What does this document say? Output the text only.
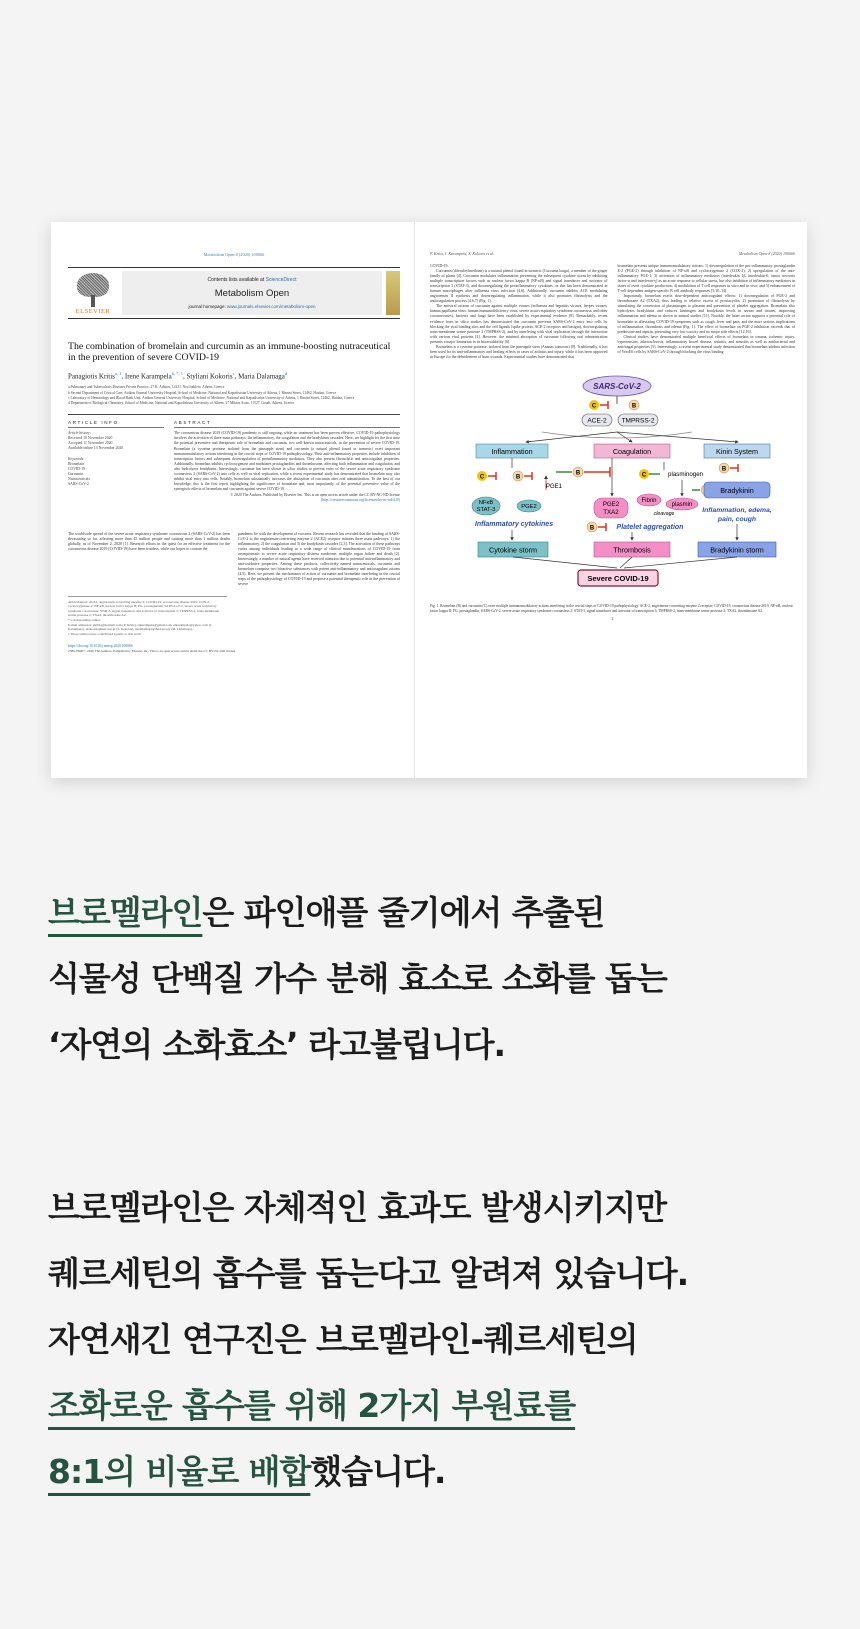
Metabolism Open 8 (2020) 100066
ELSEVIER
Contents lists available at ScienceDirect
Metabolism Open
journal homepage: www.journals.elsevier.com/metabolism-open
The combination of bromelain and curcumin as an immune-boosting nutraceutical in the prevention of severe COVID-19
Panagiotis Kritis$^{a, 1}$, Irene Karampela$^{b, *, 1}$, Styliani Kokoris$^c$, Maria Dalamaga$^d$
a Pulmonary and Tuberculosis Diseases Private Practice, 27 K. Athitou, 14121, Nea Irakleio, Athens, Greece
b Second Department of Critical Care, Attikon General University Hospital, School of Medicine, National and Kapodistrian University of Athens, 1 Rimini Street, 12462, Haidari, Greece
c Laboratory of Hematology and Blood Bank Unit, Attikon General University Hospital, School of Medicine, National and Kapodistrian University of Athens, 1 Rimini Street, 12462, Haidari, Greece
d Department of Biological Chemistry, School of Medicine, National and Kapodistrian University of Athens, 27 Mikras Asias, 11527, Goudi, Athens, Greece
ARTICLE INFO
Article history:
Received 10 November 2020
Accepted 11 November 2020
Available online 13 November 2020
Keywords:
Bromelain
COVID-19
Curcumin
Nutraceuticals
SARS-CoV-2
ABSTRACT
The coronavirus disease 2019 (COVID-19) pandemic is still ongoing, while no treatment has been proven effective. COVID-19 pathophysiology involves the activation of three main pathways: the inflammatory, the coagulation and the bradykinin cascades. Here, we highlight for the first time the potential preventive and therapeutic role of bromelain and curcumin, two well-known nutraceuticals, in the prevention of severe COVID-19. Bromelain (a cysteine protease isolated from the pineapple stem) and curcumin (a natural phenol found in turmeric) exert important immunomodulatory actions interfering in the crucial steps of COVID-19 pathophysiology. Their anti-inflammatory properties include inhibition of transcription factors and subsequent downregulation of proinflammatory mediators. They also present fibrinolytic and anticoagulant properties. Additionally, bromelain inhibits cyclooxygenase and modulates prostaglandins and thromboxane, affecting both inflammation and coagulation, and also hydrolyzes bradykinin. Interestingly, curcumin has been shown in silico studies to prevent entry of the severe acute respiratory syndrome coronavirus 2 (SARS-CoV-2) into cells as well as viral replication, while a recent experimental study has demonstrated that bromelain may also inhibit viral entry into cells. Notably, bromelain substantially increases the absorption of curcumin after oral administration. To the best of our knowledge, this is the first report highlighting the significance of bromelain and, most importantly, of the potential preventive value of the synergistic effects of bromelain and curcumin against severe COVID-19.
© 2020 The Authors. Published by Elsevier Inc. This is an open access article under the CC BY-NC-ND license (http://creativecommons.org/licenses/by-nc-nd/4.0/)

The worldwide spread of the severe acute respiratory syndrome coronavirus 2 (SARS-CoV-2) has been devastating so far, affecting more than 45 million people and causing more than 1 million deaths globally, as of November 2, 2020 [1]. Research efforts in the quest for an effective treatment for the coronavirus disease 2019 (COVID-19) have been fruitless, while our hopes to contain the

pandemic lie with the development of vaccines. Recent research has revealed that the binding of SARS-CoV-2 to the angiotensin-converting enzyme 2 (ACE2) receptor initiates three main pathways: 1) the inflammatory, 2) the coagulation and 3) the bradykinin cascades [2,3]. The activation of these pathways varies among individuals leading to a wide range of clinical manifestations of COVID-19 from asymptomatic to severe acute respiratory distress syndrome, multiple organ failure and death [2]. Interestingly, a number of natural agents have received attention due to potential anti-inflammatory and anti-oxidative properties. Among these products, collectively named nutraceuticals, curcumin and bromelain comprise two bioactive substances with potent anti-inflammatory and anticoagulant actions [4,5]. Here, we present the mechanisms of action of curcumin and bromelain interfering in the crucial steps of the pathophysiology of COVID-19 and propose a potential therapeutic role in the prevention of severe

Abbreviations: ACE2, angiotensin-converting enzyme 2; COVID-19, coronavirus disease 2019; COX-2, cyclooxygenase-2; NF-κB, nuclear factor kappa B; PG, prostaglandin; SARS-CoV-2, severe acute respiratory syndrome coronavirus; STAT-3, signal transducer and activator of transcription 3; TMPRSS-2, trans-membrane serine protease 2; TXA2, thromboxane A2.

* Corresponding author.

E-mail addresses: pkritis@hotmail.com (P. Kritis), eikarampela@gmail.com, eikarampela@yahoo.com (I. Karampela), skokoris@med.uoa.gr (S. Kokoris), madalamaga@med.uoa.gr (M. Dalamaga).

1 These authors have contributed equally to this work.

https://doi.org/10.1016/j.metop.2020.100066
2589-9368/© 2020 The Authors. Published by Elsevier Inc. This is an open access article under the CC BY-NC-ND license
P. Kritis, I. Karampela, S. Kokoris et al.	Metabolism Open 8 (2020) 100066

COVID-19.

Curcumin (diferuloylmethane) is a natural phenol found in turmeric (Curcuma longa), a member of the ginger family of plants [4]. Curcumin modulates inflammation preventing the subsequent cytokine storm by inhibiting multiple transcription factors such as nuclear factor kappa B (NF-κB) and signal transducer and activator of transcription 3 (STAT-3), and downregulating the proinflammatory cytokines, as this has been demonstrated in human macrophages after influenza virus infection [4,6]. Additionally, curcumin inhibits ACE modulating angiotensin II synthesis and downregulating inflammation, while it also promotes fibrinolysis and the anticoagulation process [4,6,7] (Fig. 1).

The antiviral actions of curcumin against multiple viruses (influenza and hepatitis viruses, herpes viruses, human papilloma virus, human immunodeficiency virus, severe acute respiratory syndrome coronavirus and other coronaviruses), bacteria and fungi have been established by experimental evidence [8]. Remarkably, recent evidence from in silico studies has demonstrated that curcumin prevents SARS-CoV-2 entry into cells by blocking the viral binding sites and the cell ligands (spike protein, ACE-2 receptors and basigin), downregulating trans-membrane serine protease 2 (TMPRSS-2), and by interfering with viral replication through the interaction with various viral proteins [4]. However, the minimal absorption of curcumin following oral administration presents a major limitation in its bioavailability [6].

Bromelain is a cysteine protease, isolated from the pineapple stem (Ananas comosus) [9]. Traditionally, it has been used for its anti-inflammatory and healing effects in cases of arthritis and injury, while it has been approved in Europe for the debridement of burn wounds. Experimental studies have demonstrated that

bromelain presents unique immunomodulatory actions: 1) downregulation of the pro-inflammatory prostaglandin E-2 (PGE-2) through inhibition of NF-κB and cyclooxygenase 2 (COX-2); 2) upregulation of the anti-inflammatory PGE-1; 3) activation of inflammatory mediators (interleukin 1β, interleukin-6, tumor necrosis factor-α and interferon-γ) as an acute response to cellular stress, but also inhibition of inflammatory mediators in states of overt cytokine production; 4) modulation of T cell responses in vitro and in vivo; and 5) enhancement of T-cell dependent antigen-specific B cell antibody responses [5,10–14].

Importantly, bromelain exerts dose-dependent anticoagulant effects: 1) downregulation of PGE-2 and thromboxane A2 (TXA2), thus leading to relative excess of prostacyclin; 2) promotion of fibrinolysis by stimulating the conversion of plasminogen to plasmin and prevention of platelet aggregation. Bromelain also hydrolyzes bradykinin and reduces kininogen and bradykinin levels in serum and tissues, improving inflammation and edema as shown in animal studies [11]. Notably, the latter action supports a potential role of bromelain in alleviating COVID-19 symptoms such as cough, fever and pain, and the more serious implications of inflammation, thrombosis and edema (Fig. 1). The effect of bromelain on PGE-2 inhibition exceeds that of prednisone and aspirin, presenting very low toxicity and no major side effects [12,16].

Clinical studies have demonstrated multiple beneficial effects of bromelain in trauma, ischemic injury, hypertension, atherosclerosis, inflammatory bowel disease, arthritis, and sinusitis as well as antibacterial and antifungal properties [5]. Interestingly, a recent experimental study demonstrated that bromelain inhibits infection of VeroE6 cells by SARS-CoV-2 through blocking the virus binding

SARS-CoV-2
C	B
ACE-2 TMPRSS-2
Inflammation	Coagulation	Kinin System
C	B
PGE1
NFκB
STAT-3	PGE2
Inflammatory cytokines
B
PGE2
TXA2
C	plasminogen
Fibrin
plasmin
cleavage
B	Platelet aggregation
B
Bradykinin
Inflammation, edema,
pain, cough
Cytokine storm	Thrombosis	Bradykinin storm
Severe COVID-19
Fig. 1. Bromelain (B) and curcumin (C) exert multiple immunomodulatory actions interfering in the crucial steps of COVID-19 pathophysiology. ACE-2, angiotensin-converting enzyme 2 receptor; COVID-19, coronavirus disease 2019; NF-κB, nuclear factor kappa B; PG, prostaglandin; SARS-CoV-2, severe acute respiratory syndrome coronavirus 2; STAT-3, signal transducer and activator of transcription 3; TMPRSS-2, trans-membrane serine protease 2; TXA2, thromboxane A2.
2
브로멜라인은 파인애플 줄기에서 추출된
식물성 단백질 가수 분해 효소로 소화를 돕는
‘자연의 소화효소’ 라고불립니다.
브로멜라인은 자체적인 효과도 발생시키지만
퀘르세틴의 흡수를 돕는다고 알려져 있습니다.
자연새긴 연구진은 브로멜라인-퀘르세틴의
조화로운 흡수를 위해 2가지 부원료를
8:1의 비율로 배합했습니다.
